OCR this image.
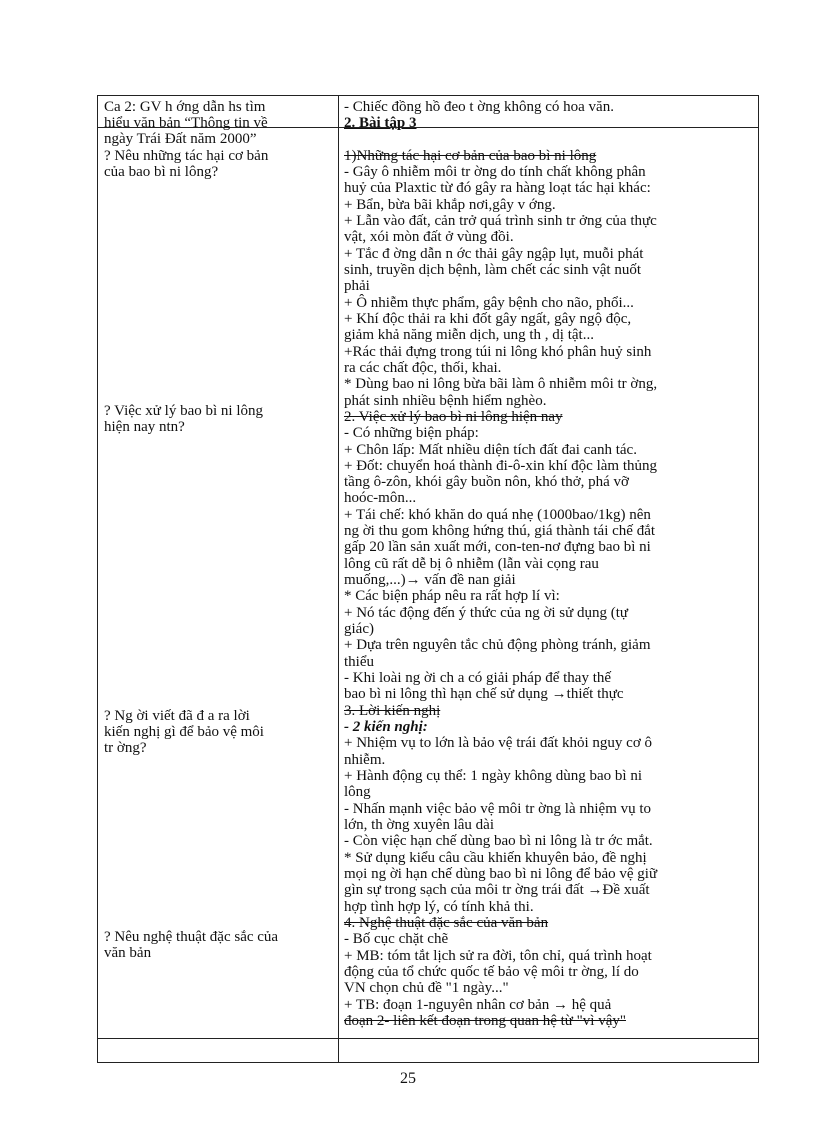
Ca 2: GV h ớng dẫn hs tìm
hiểu văn bản “Thông tin về
ngày Trái Đất năm 2000”
? Nêu những tác hại cơ bản
của bao bì ni lông?
? Việc xử lý bao bì ni lông
hiện nay ntn?
? Ng ời viết đã đ a ra lời
kiến nghị gì để bảo vệ môi
tr ờng?
? Nêu nghệ thuật đặc sắc của
văn bản
- Chiếc đồng hồ đeo t ờng không có hoa văn.
2. Bài tập 3
1)Những tác hại cơ bản của bao bì ni lông
- Gây ô nhiễm môi tr ờng do tính chất không phân
huỷ của Plaxtic từ đó gây ra hàng loạt tác hại khác:
+ Bẩn, bừa bãi khắp nơi,gây v ớng.
+ Lẫn vào đất, cản trở quá trình sinh tr ởng của thực
vật, xói mòn đất ở vùng đồi.
+ Tắc đ ờng dẫn n ớc thải gây ngập lụt, muỗi phát
sinh, truyền dịch bệnh, làm chết các sinh vật nuốt
phải
+ Ô nhiễm thực phẩm, gây bệnh cho não, phổi...
+ Khí độc thải ra khi đốt gây ngất, gây ngộ độc,
giảm khả năng miễn dịch, ung th , dị tật...
+Rác thải đựng trong túi ni lông khó phân huỷ sinh
ra các chất độc, thối, khai.
* Dùng bao ni lông bừa bãi làm ô nhiễm môi tr ờng,
phát sinh nhiều bệnh hiểm nghèo.
2. Việc xử lý bao bì ni lông hiện nay
- Có những biện pháp:
+ Chôn lấp: Mất nhiều diện tích đất đai canh tác.
+ Đốt: chuyển hoá thành đi-ô-xin khí độc làm thủng
tầng ô-zôn, khói gây buồn nôn, khó thở, phá vỡ
hoóc-môn...
+ Tái chế: khó khăn do quá nhẹ (1000bao/1kg) nên
ng ời thu gom không hứng thú, giá thành tái chế đắt
gấp 20 lần sản xuất mới, con-ten-nơ đựng bao bì ni
lông cũ rất dễ bị ô nhiễm (lẫn vài cọng rau
muống,...)→ vấn đề nan giải
* Các biện pháp nêu ra rất hợp lí vì:
+ Nó tác động đến ý thức của ng ời sử dụng (tự
giác)
+ Dựa trên nguyên tắc chủ động phòng tránh, giảm
thiểu
- Khi loài ng ời ch a có giải pháp để thay thế
bao bì ni lông thì hạn chế sử dụng →thiết thực
3. Lời kiến nghị
- 2 kiến nghị:
+ Nhiệm vụ to lớn là bảo vệ trái đất khỏi nguy cơ ô
nhiễm.
+ Hành động cụ thể: 1 ngày không dùng bao bì ni
lông
- Nhấn mạnh việc bảo vệ môi tr ờng là nhiệm vụ to
lớn, th ờng xuyên lâu dài
- Còn việc hạn chế dùng bao bì ni lông là tr ớc mắt.
* Sử dụng kiểu câu cầu khiến khuyên bảo, đề nghị
mọi ng ời hạn chế dùng bao bì ni lông để bảo vệ giữ
gìn sự trong sạch của môi tr ờng trái đất →Đề xuất
hợp tình hợp lý, có tính khả thi.
4. Nghệ thuật đặc sắc của văn bản
- Bố cục chặt chẽ
+ MB: tóm tắt lịch sử ra đời, tôn chỉ, quá trình hoạt
động của tổ chức quốc tế bảo vệ môi tr ờng, lí do
VN chọn chủ đề "1 ngày..."
+ TB: đoạn 1-nguyên nhân cơ bản → hệ quả
đoạn 2- liên kết đoạn trong quan hệ từ "vì vậy"
25
